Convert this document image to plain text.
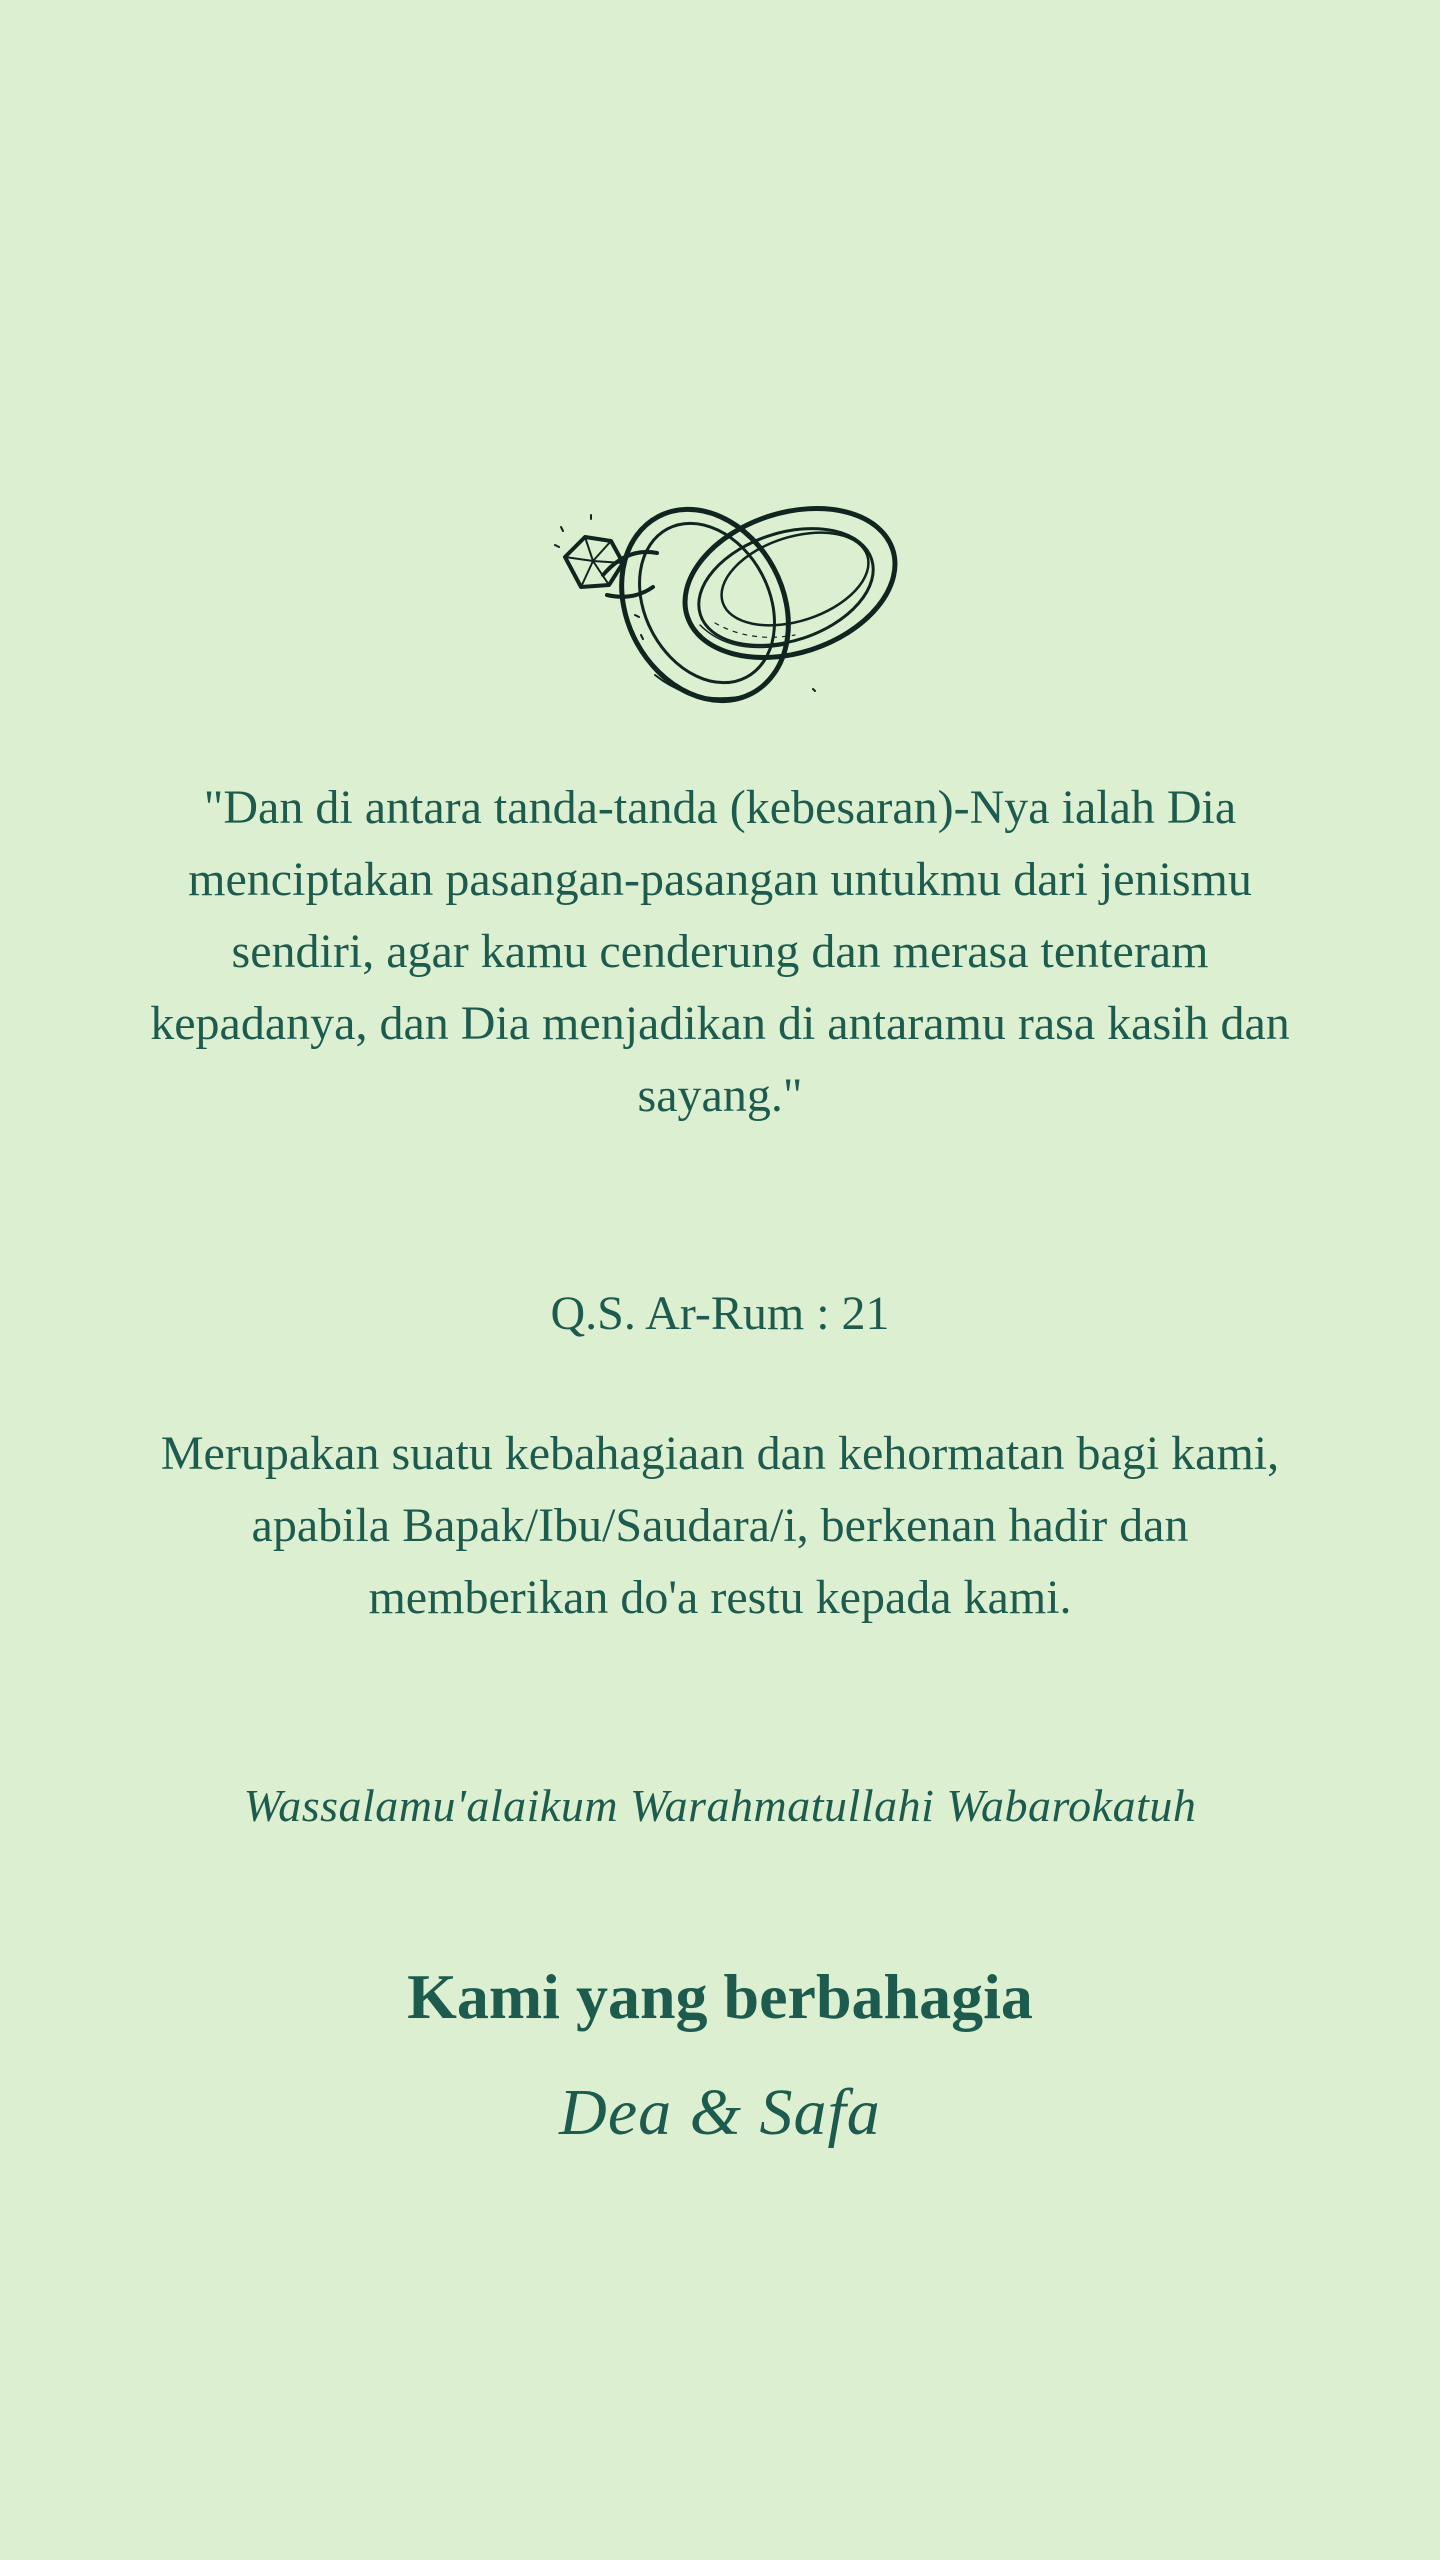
"Dan di antara tanda-tanda (kebesaran)-Nya ialah Dia menciptakan pasangan-pasangan untukmu dari jenismu sendiri, agar kamu cenderung dan merasa tenteram kepadanya, dan Dia menjadikan di antaramu rasa kasih dan sayang."

Q.S. Ar-Rum : 21

Merupakan suatu kebahagiaan dan kehormatan bagi kami, apabila Bapak/Ibu/Saudara/i, berkenan hadir dan memberikan do'a restu kepada kami.

Wassalamu'alaikum Warahmatullahi Wabarokatuh

Kami yang berbahagia

Dea & Safa
